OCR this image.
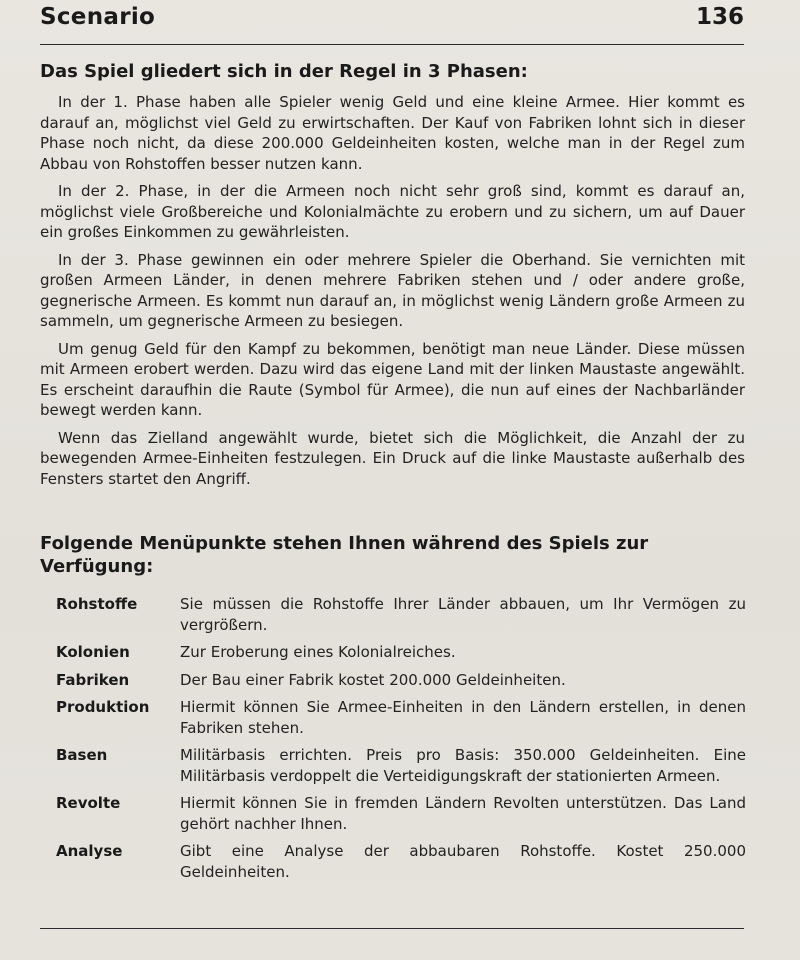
Scenario	136
Das Spiel gliedert sich in der Regel in 3 Phasen:

In der 1. Phase haben alle Spieler wenig Geld und eine kleine Armee. Hier kommt es darauf an, möglichst viel Geld zu erwirtschaften. Der Kauf von Fabriken lohnt sich in dieser Phase noch nicht, da diese 200.000 Geldeinheiten kosten, welche man in der Regel zum Abbau von Rohstoffen besser nutzen kann.

In der 2. Phase, in der die Armeen noch nicht sehr groß sind, kommt es darauf an, möglichst viele Großbereiche und Kolonialmächte zu erobern und zu sichern, um auf Dauer ein großes Einkommen zu gewährleisten.

In der 3. Phase gewinnen ein oder mehrere Spieler die Oberhand. Sie vernichten mit großen Armeen Länder, in denen mehrere Fabriken stehen und / oder andere große, gegnerische Armeen. Es kommt nun darauf an, in möglichst wenig Ländern große Armeen zu sammeln, um gegnerische Armeen zu besiegen.

Um genug Geld für den Kampf zu bekommen, benötigt man neue Länder. Diese müssen mit Armeen erobert werden. Dazu wird das eigene Land mit der linken Maustaste angewählt. Es erscheint daraufhin die Raute (Symbol für Armee), die nun auf eines der Nachbarländer bewegt werden kann.

Wenn das Zielland angewählt wurde, bietet sich die Möglichkeit, die Anzahl der zu bewegenden Armee-Einheiten festzulegen. Ein Druck auf die linke Maustaste außerhalb des Fensters startet den Angriff.

Folgende Menüpunkte stehen Ihnen während des Spiels zur Verfügung:
Rohstoffe	Sie müssen die Rohstoffe Ihrer Länder abbauen, um Ihr Vermögen zu vergrößern.
Kolonien	Zur Eroberung eines Kolonialreiches.
Fabriken	Der Bau einer Fabrik kostet 200.000 Geldeinheiten.
Produktion	Hiermit können Sie Armee-Einheiten in den Ländern erstellen, in denen Fabriken stehen.
Basen	Militärbasis errichten. Preis pro Basis: 350.000 Geldeinheiten. Eine Militärbasis verdoppelt die Verteidigungskraft der stationierten Armeen.
Revolte	Hiermit können Sie in fremden Ländern Revolten unterstützen. Das Land gehört nachher Ihnen.
Analyse	Gibt eine Analyse der abbaubaren Rohstoffe. Kostet 250.000 Geldeinheiten.
